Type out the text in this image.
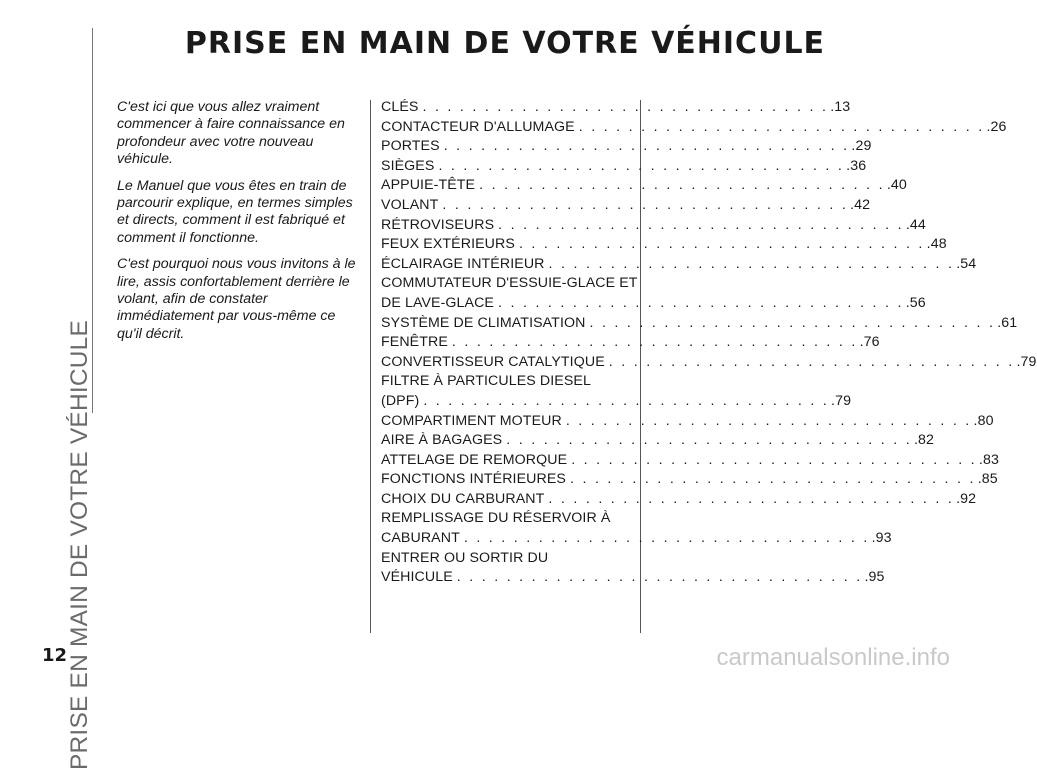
PRISE EN MAIN DE VOTRE VÉHICULE
PRISE EN MAIN DE VOTRE VÉHICULE

C'est ici que vous allez vraiment commencer à faire connaissance en profondeur avec votre nouveau véhicule.

Le Manuel que vous êtes en train de parcourir explique, en termes simples et directs, comment il est fabriqué et comment il fonctionne.

C'est pourquoi nous vous invitons à le lire, assis confortablement derrière le volant, afin de constater immédiatement par vous-même ce qu'il décrit.

CLÉS . . . . . . . . . . . . . . . . . . . . . . . . . . . . . . . . . .13
CONTACTEUR D'ALLUMAGE . . . . . . . . . . . . . . . . . . . . . . . . . . . . . . . . . .26
PORTES . . . . . . . . . . . . . . . . . . . . . . . . . . . . . . . . . .29
SIÈGES . . . . . . . . . . . . . . . . . . . . . . . . . . . . . . . . . .36
APPUIE-TÊTE . . . . . . . . . . . . . . . . . . . . . . . . . . . . . . . . . .40
VOLANT . . . . . . . . . . . . . . . . . . . . . . . . . . . . . . . . . .42
RÉTROVISEURS . . . . . . . . . . . . . . . . . . . . . . . . . . . . . . . . . .44
FEUX EXTÉRIEURS . . . . . . . . . . . . . . . . . . . . . . . . . . . . . . . . . .48
ÉCLAIRAGE INTÉRIEUR . . . . . . . . . . . . . . . . . . . . . . . . . . . . . . . . . .54
COMMUTATEUR D'ESSUIE-GLACE ET
DE LAVE-GLACE . . . . . . . . . . . . . . . . . . . . . . . . . . . . . . . . . .56
SYSTÈME DE CLIMATISATION . . . . . . . . . . . . . . . . . . . . . . . . . . . . . . . . . .61
FENÊTRE . . . . . . . . . . . . . . . . . . . . . . . . . . . . . . . . . .76
CONVERTISSEUR CATALYTIQUE . . . . . . . . . . . . . . . . . . . . . . . . . . . . . . . . . .79
FILTRE À PARTICULES DIESEL
(DPF) . . . . . . . . . . . . . . . . . . . . . . . . . . . . . . . . . .79
COMPARTIMENT MOTEUR . . . . . . . . . . . . . . . . . . . . . . . . . . . . . . . . . .80
AIRE À BAGAGES . . . . . . . . . . . . . . . . . . . . . . . . . . . . . . . . . .82
ATTELAGE DE REMORQUE . . . . . . . . . . . . . . . . . . . . . . . . . . . . . . . . . .83
FONCTIONS INTÉRIEURES . . . . . . . . . . . . . . . . . . . . . . . . . . . . . . . . . .85
CHOIX DU CARBURANT . . . . . . . . . . . . . . . . . . . . . . . . . . . . . . . . . .92
REMPLISSAGE DU RÉSERVOIR À
CABURANT . . . . . . . . . . . . . . . . . . . . . . . . . . . . . . . . . .93
ENTRER OU SORTIR DU
VÉHICULE . . . . . . . . . . . . . . . . . . . . . . . . . . . . . . . . . .95
12	carmanualsonline.info
